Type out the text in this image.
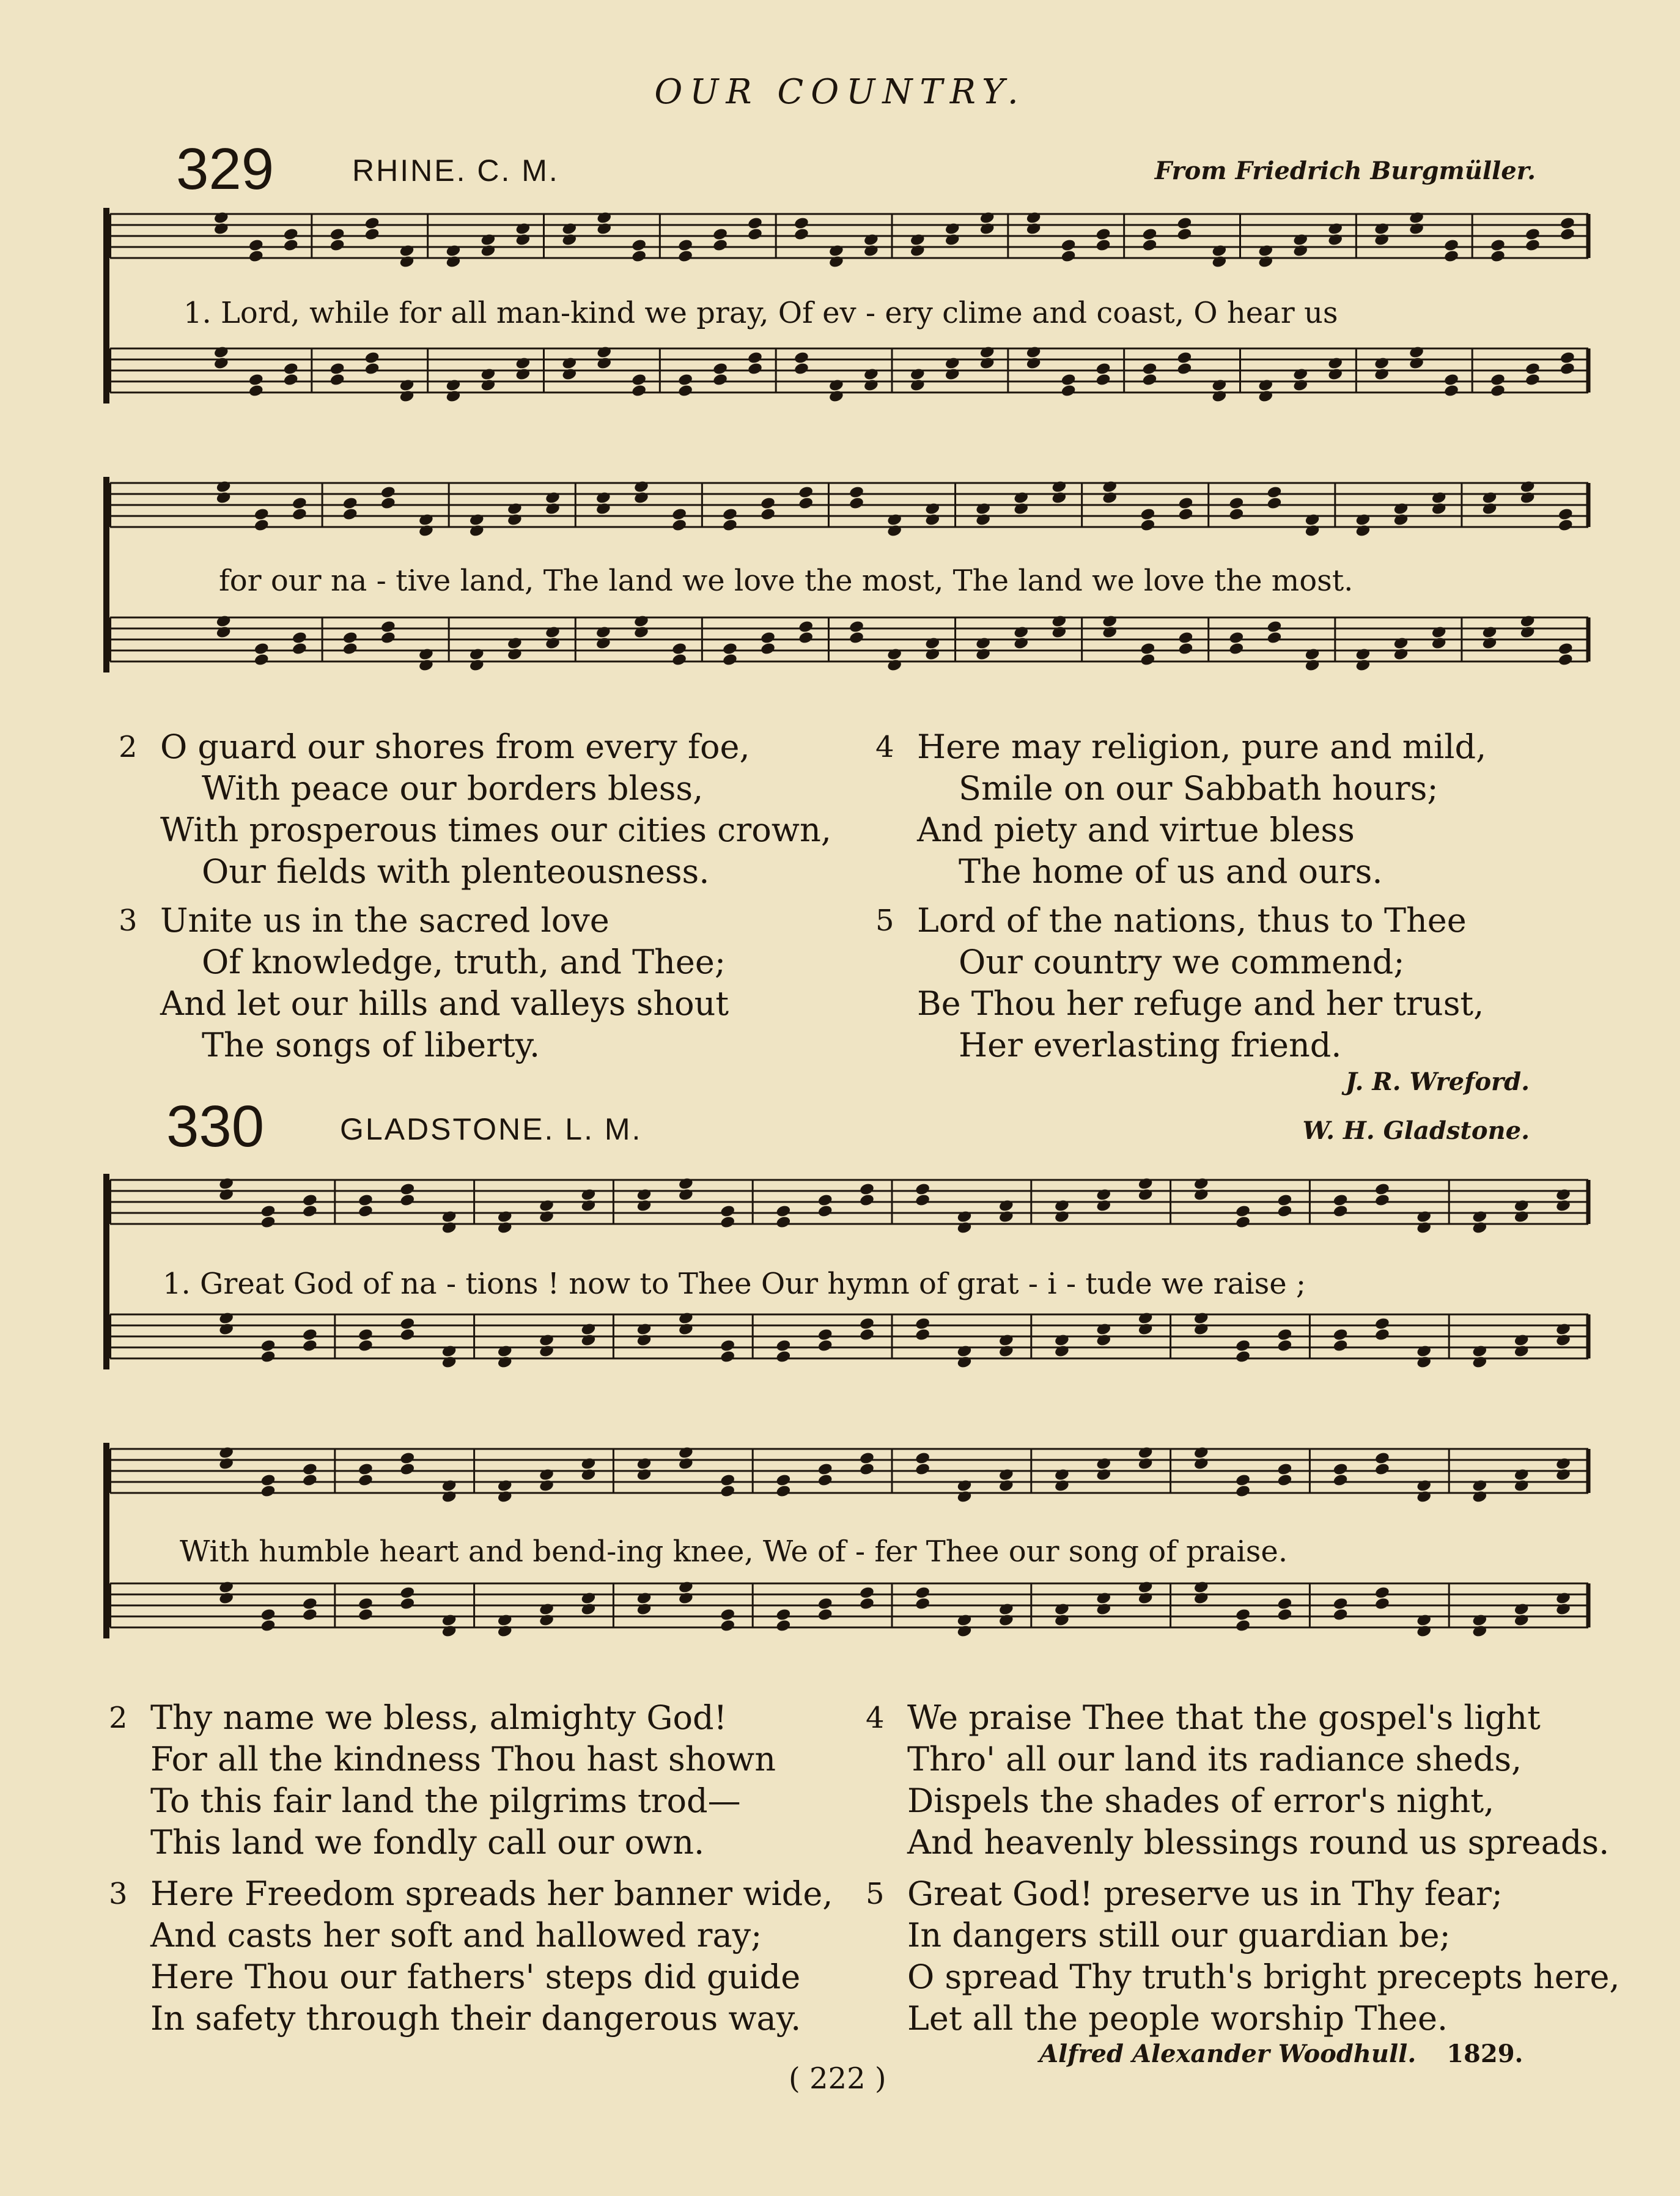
OUR COUNTRY.
329	RHINE. C. M.	From Friedrich Burgmüller.
1. Lord, while for all man-kind we pray, Of ev - ery clime and coast, O hear us
for our na - tive land, The land we love the most, The land we love the most.
2 O guard our shores from every foe,
With peace our borders bless,
With prosperous times our cities crown,
Our fields with plenteousness.
3 Unite us in the sacred love
Of knowledge, truth, and Thee;
And let our hills and valleys shout
The songs of liberty.
4 Here may religion, pure and mild,
Smile on our Sabbath hours;
And piety and virtue bless
The home of us and ours.
5 Lord of the nations, thus to Thee
Our country we commend;
Be Thou her refuge and her trust,
Her everlasting friend.
J. R. Wreford.
330 GLADSTONE. L. M.	W. H. Gladstone.
1. Great God of na - tions ! now to Thee Our hymn of grat - i - tude we raise ;
With humble heart and bend-ing knee, We of - fer Thee our song of praise.
2 Thy name we bless, almighty God!
For all the kindness Thou hast shown
To this fair land the pilgrims trod—
This land we fondly call our own.
3 Here Freedom spreads her banner wide,
And casts her soft and hallowed ray;
Here Thou our fathers' steps did guide
In safety through their dangerous way.
4 We praise Thee that the gospel's light
Thro' all our land its radiance sheds,
Dispels the shades of error's night,
And heavenly blessings round us spreads.
5 Great God! preserve us in Thy fear;
In dangers still our guardian be;
O spread Thy truth's bright precepts here,
Let all the people worship Thee.
Alfred Alexander Woodhull. 1829.
( 222 )
